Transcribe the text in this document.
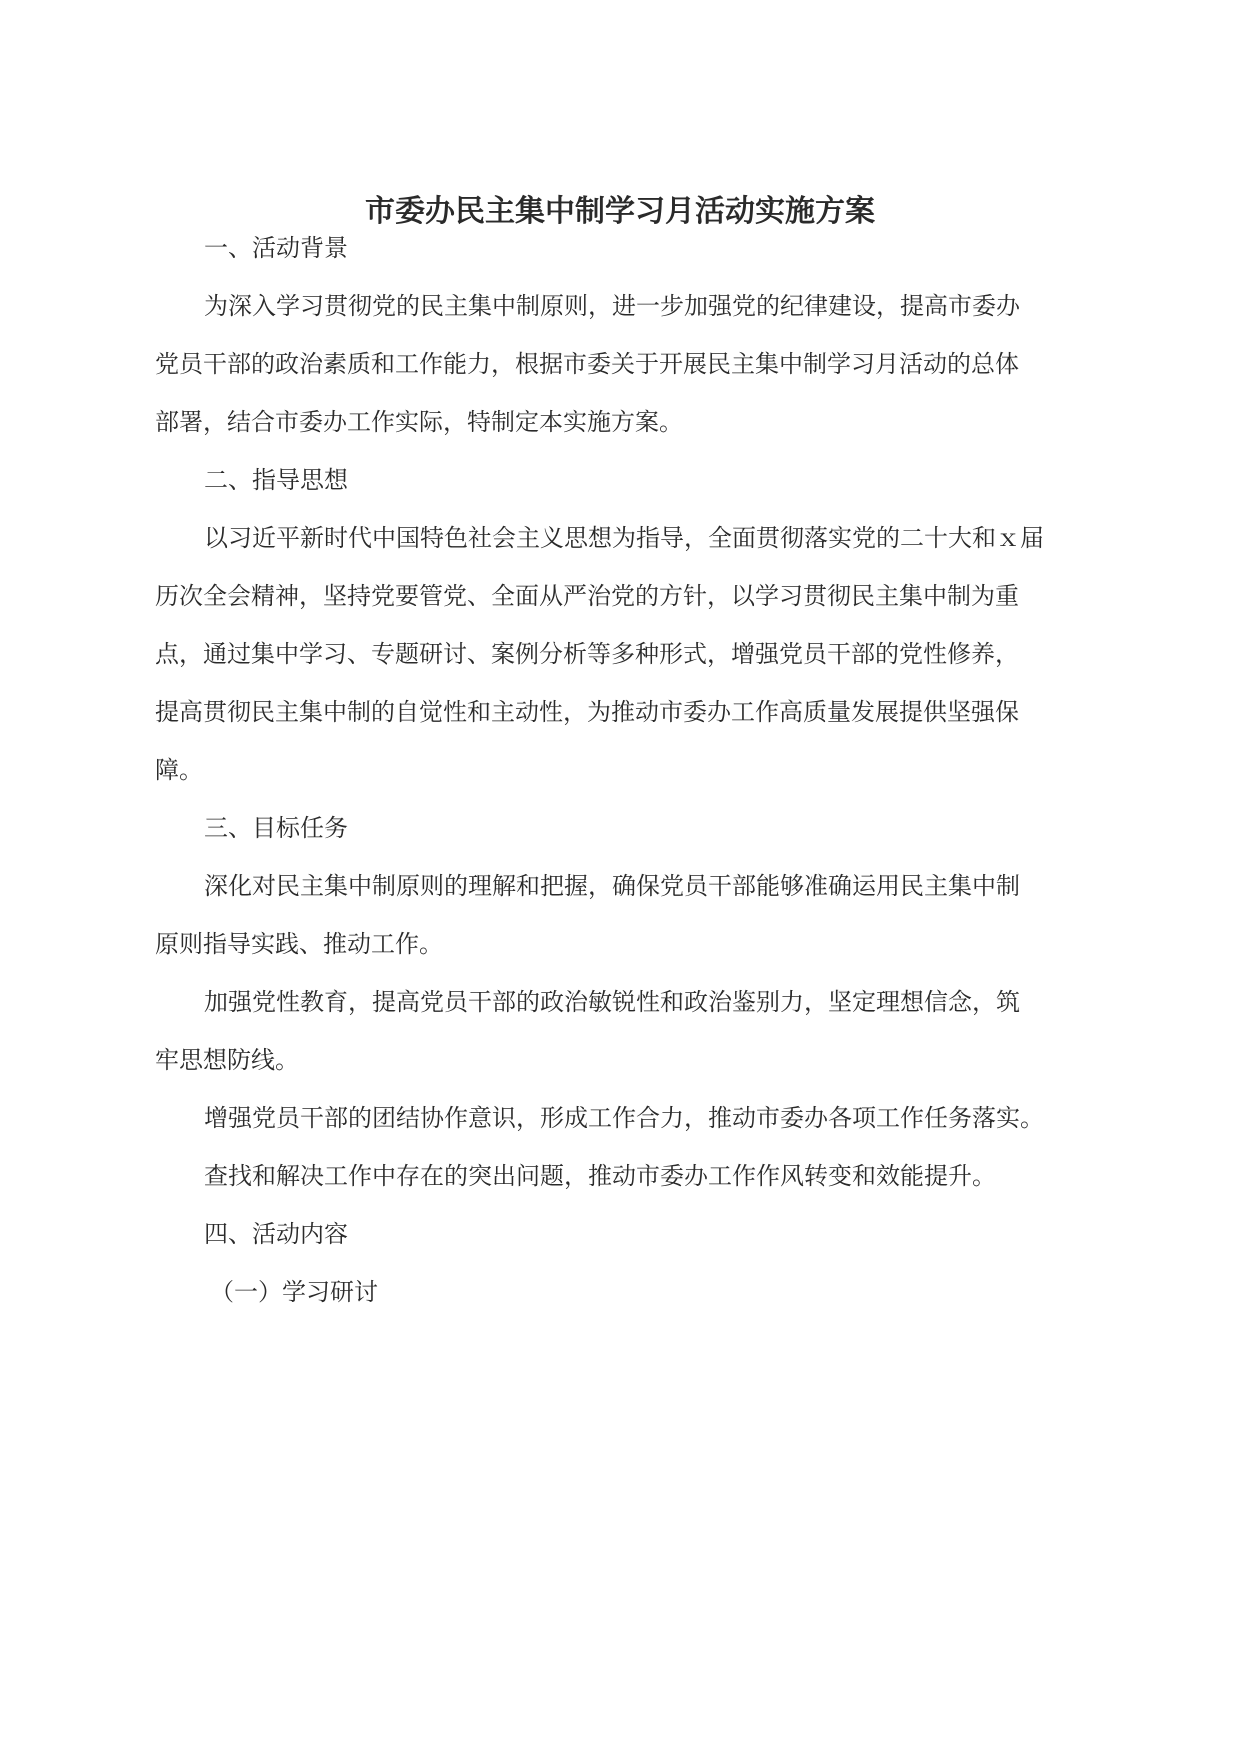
市委办民主集中制学习月活动实施方案
一、活动背景
为深入学习贯彻党的民主集中制原则，进一步加强党的纪律建设，提高市委办
党员干部的政治素质和工作能力，根据市委关于开展民主集中制学习月活动的总体
部署，结合市委办工作实际，特制定本实施方案。
二、指导思想
以习近平新时代中国特色社会主义思想为指导，全面贯彻落实党的二十大和ｘ届
历次全会精神，坚持党要管党、全面从严治党的方针，以学习贯彻民主集中制为重
点，通过集中学习、专题研讨、案例分析等多种形式，增强党员干部的党性修养，
提高贯彻民主集中制的自觉性和主动性，为推动市委办工作高质量发展提供坚强保
障。
三、目标任务
深化对民主集中制原则的理解和把握，确保党员干部能够准确运用民主集中制
原则指导实践、推动工作。
加强党性教育，提高党员干部的政治敏锐性和政治鉴别力，坚定理想信念，筑
牢思想防线。
增强党员干部的团结协作意识，形成工作合力，推动市委办各项工作任务落实。
查找和解决工作中存在的突出问题，推动市委办工作作风转变和效能提升。
四、活动内容
（一）学习研讨
